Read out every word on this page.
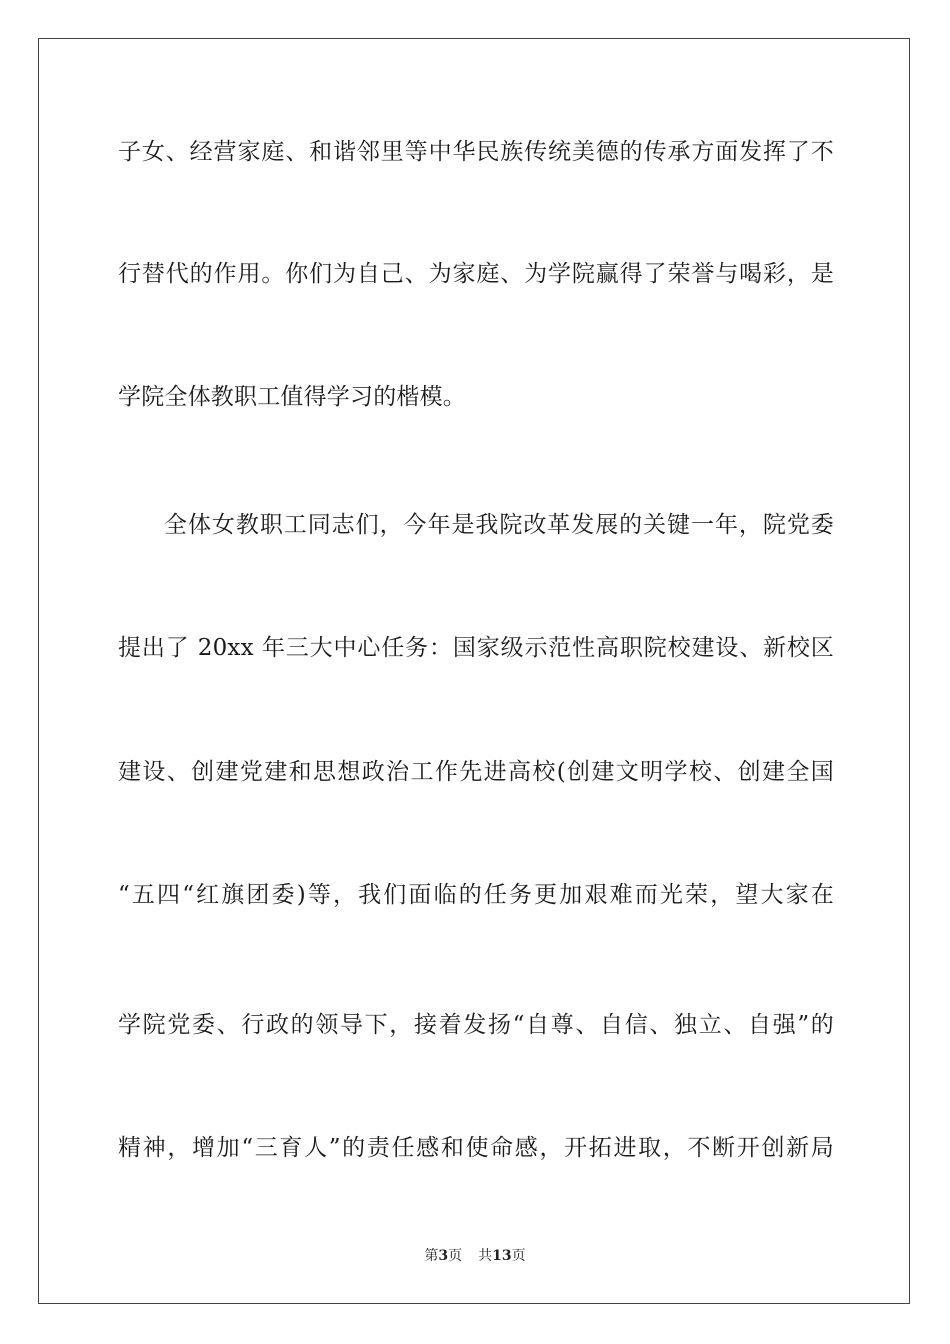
子女、经营家庭、和谐邻里等中华民族传统美德的传承方面发挥了不
行替代的作用。你们为自己、为家庭、为学院赢得了荣誉与喝彩，是
学院全体教职工值得学习的楷模。
全体女教职工同志们，今年是我院改革发展的关键一年，院党委
提出了 20xx 年三大中心任务：国家级示范性高职院校建设、新校区
建设、创建党建和思想政治工作先进高校(创建文明学校、创建全国
“五四“红旗团委)等，我们面临的任务更加艰难而光荣，望大家在
学院党委、行政的领导下，接着发扬“自尊、自信、独立、自强”的
精神，增加“三育人”的责任感和使命感，开拓进取，不断开创新局
第3页 共13页
